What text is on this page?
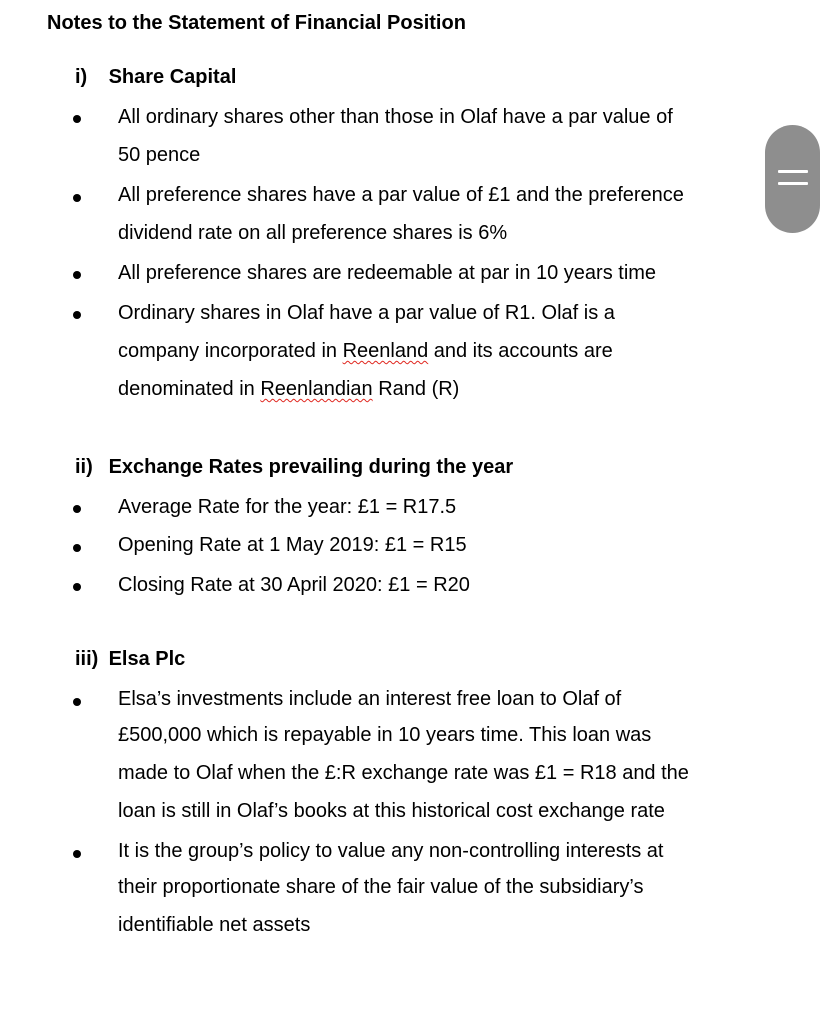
Notes to the Statement of Financial Position
i) Share Capital
All ordinary shares other than those in Olaf have a par value of
50 pence
All preference shares have a par value of £1 and the preference
dividend rate on all preference shares is 6%
All preference shares are redeemable at par in 10 years time
Ordinary shares in Olaf have a par value of R1. Olaf is a
company incorporated in Reenland and its accounts are
denominated in Reenlandian Rand (R)
ii) Exchange Rates prevailing during the year
Average Rate for the year: £1 = R17.5
Opening Rate at 1 May 2019: £1 = R15
Closing Rate at 30 April 2020: £1 = R20
iii) Elsa Plc
Elsa’s investments include an interest free loan to Olaf of
£500,000 which is repayable in 10 years time. This loan was
made to Olaf when the £:R exchange rate was £1 = R18 and the
loan is still in Olaf’s books at this historical cost exchange rate
It is the group’s policy to value any non-controlling interests at
their proportionate share of the fair value of the subsidiary’s
identifiable net assets
